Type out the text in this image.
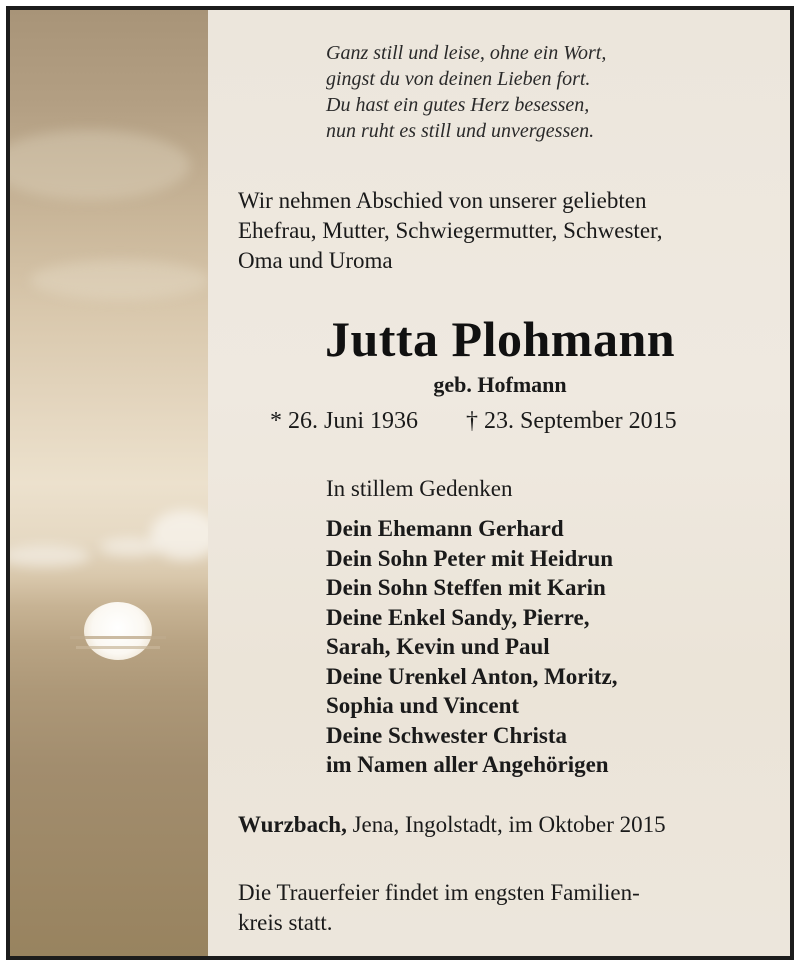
Ganz still und leise, ohne ein Wort,
gingst du von deinen Lieben fort.
Du hast ein gutes Herz besessen,
nun ruht es still und unvergessen.
Wir nehmen Abschied von unserer geliebten
Ehefrau, Mutter, Schwiegermutter, Schwester,
Oma und Uroma
Jutta Plohmann
geb. Hofmann
* 26. Juni 1936 † 23. September 2015
In stillem Gedenken
Dein Ehemann Gerhard
Dein Sohn Peter mit Heidrun
Dein Sohn Steffen mit Karin
Deine Enkel Sandy, Pierre,
Sarah, Kevin und Paul
Deine Urenkel Anton, Moritz,
Sophia und Vincent
Deine Schwester Christa
im Namen aller Angehörigen
Wurzbach, Jena, Ingolstadt, im Oktober 2015
Die Trauerfeier findet im engsten Familien-
kreis statt.
